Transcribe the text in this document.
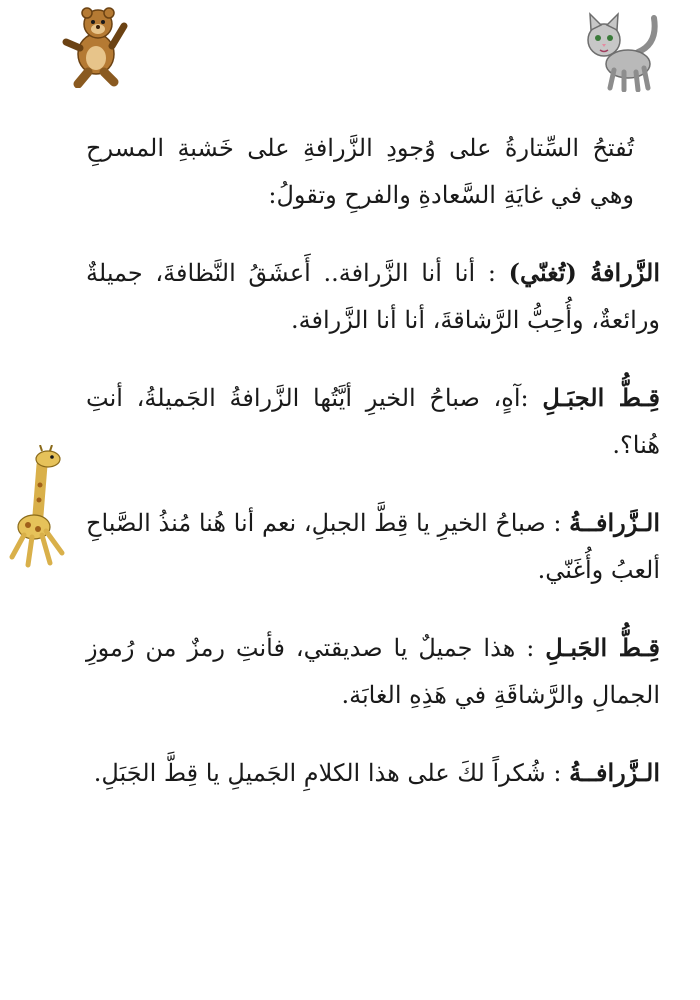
تُفتحُ السِّتارةُ على وُجودِ الزَّرافةِ على خَشبةِ المسرحِ وهي في غايَةِ السَّعادةِ والفرحِ وتقولُ:

الزَّرافةُ (تُغنّي) : أنا أنا الزَّرافة.. أَعشَقُ النَّظافةَ، جميلةٌ ورائعةٌ، وأُحِبُّ الرَّشاقةَ، أنا أنا الزَّرافة.

قِـطُّ الجبَـلِ :آهٍ، صباحُ الخيرِ أيَّتُها الزَّرافةُ الجَميلةُ، أنتِ هُنا؟.

الـزَّرافــةُ : صباحُ الخيرِ يا قِطَّ الجبلِ، نعم أنا هُنا مُنذُ الصَّباحِ ألعبُ وأُغَنّي.

قِـطُّ الجَبـلِ : هذا جميلٌ يا صديقتي، فأنتِ رمزٌ من رُموزِ الجمالِ والرَّشاقَةِ في هَذِهِ الغابَة.

الـزَّرافــةُ : شُكراً لكَ على هذا الكلامِ الجَميلِ يا قِطَّ الجَبَلِ.
